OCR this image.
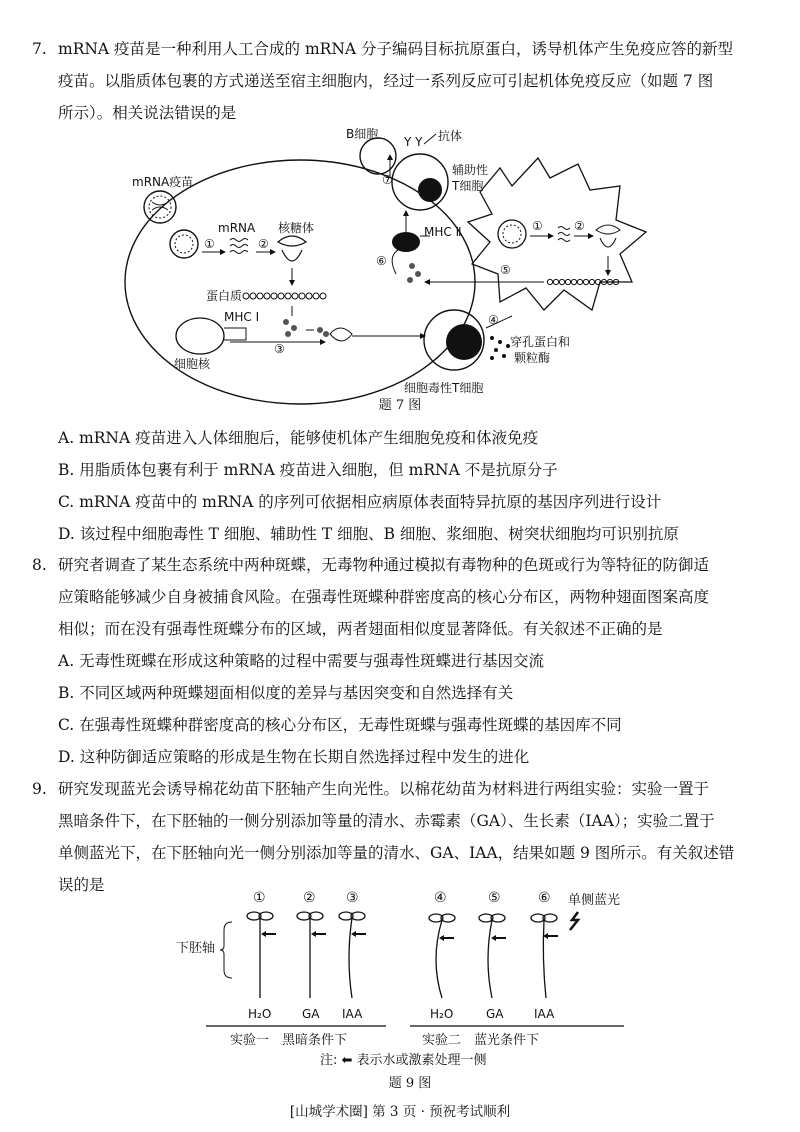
7. mRNA 疫苗是一种利用人工合成的 mRNA 分子编码目标抗原蛋白，诱导机体产生免疫应答的新型
疫苗。以脂质体包裹的方式递送至宿主细胞内，经过一系列反应可引起机体免疫反应（如题 7 图
所示）。相关说法错误的是
mRNA疫苗
①
mRNA
②
核糖体
蛋白质
细胞核
MHC Ⅰ
③
细胞毒性T细胞
④
穿孔蛋白和
颗粒酶
①	②
⑤
MHC Ⅱ
⑥
辅助性
T细胞
⑦
B细胞
Y Y 抗体
题 7 图
A. mRNA 疫苗进入人体细胞后，能够使机体产生细胞免疫和体液免疫
B. 用脂质体包裹有利于 mRNA 疫苗进入细胞，但 mRNA 不是抗原分子
C. mRNA 疫苗中的 mRNA 的序列可依据相应病原体表面特异抗原的基因序列进行设计
D. 该过程中细胞毒性 T 细胞、辅助性 T 细胞、B 细胞、浆细胞、树突状细胞均可识别抗原
8. 研究者调查了某生态系统中两种斑蝶，无毒物种通过模拟有毒物种的色斑或行为等特征的防御适
应策略能够减少自身被捕食风险。在强毒性斑蝶种群密度高的核心分布区，两物种翅面图案高度
相似；而在没有强毒性斑蝶分布的区域，两者翅面相似度显著降低。有关叙述不正确的是
A. 无毒性斑蝶在形成这种策略的过程中需要与强毒性斑蝶进行基因交流
B. 不同区域两种斑蝶翅面相似度的差异与基因突变和自然选择有关
C. 在强毒性斑蝶种群密度高的核心分布区，无毒性斑蝶与强毒性斑蝶的基因库不同
D. 这种防御适应策略的形成是生物在长期自然选择过程中发生的进化
9. 研究发现蓝光会诱导棉花幼苗下胚轴产生向光性。以棉花幼苗为材料进行两组实验：实验一置于
黑暗条件下，在下胚轴的一侧分别添加等量的清水、赤霉素（GA）、生长素（IAA）；实验二置于
单侧蓝光下，在下胚轴向光一侧分别添加等量的清水、GA、IAA，结果如题 9 图所示。有关叙述错
误的是
下胚轴
单侧蓝光
①
H₂O
②
GA
③
IAA
④
H₂O
⑤
GA
⑥
IAA
实验一　黑暗条件下	实验二　蓝光条件下
注: ⬅ 表示水或激素处理一侧
题 9 图
[山城学术圈] 第 3 页 · 预祝考试顺利
